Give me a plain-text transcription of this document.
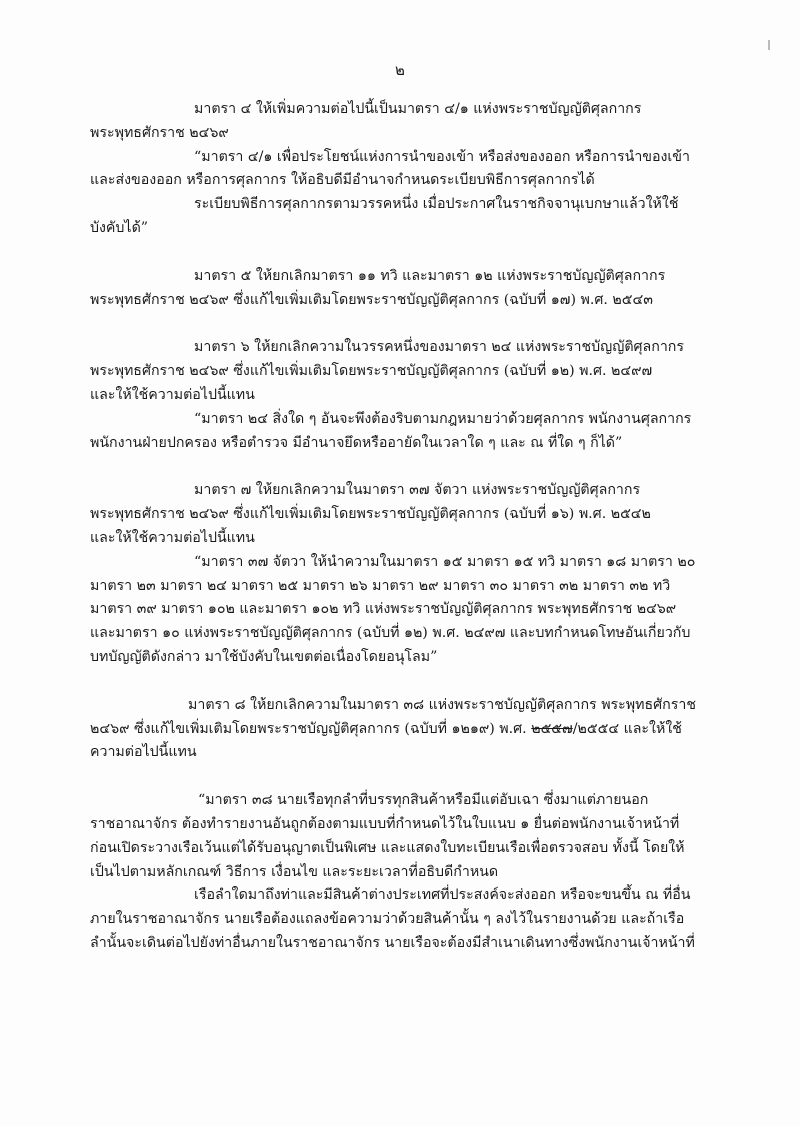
๒
มาตรา ๔ ให้เพิ่มความต่อไปนี้เป็นมาตรา ๔/๑ แห่งพระราชบัญญัติศุลกากร
พระพุทธศักราช ๒๔๖๙
“มาตรา ๔/๑ เพื่อประโยชน์แห่งการนำของเข้า หรือส่งของออก หรือการนำของเข้า
และส่งของออก หรือการศุลกากร ให้อธิบดีมีอำนาจกำหนดระเบียบพิธีการศุลกากรได้
ระเบียบพิธีการศุลกากรตามวรรคหนึ่ง เมื่อประกาศในราชกิจจานุเบกษาแล้วให้ใช้
บังคับได้”
มาตรา ๕ ให้ยกเลิกมาตรา ๑๑ ทวิ และมาตรา ๑๒ แห่งพระราชบัญญัติศุลกากร
พระพุทธศักราช ๒๔๖๙ ซึ่งแก้ไขเพิ่มเติมโดยพระราชบัญญัติศุลกากร (ฉบับที่ ๑๗) พ.ศ. ๒๕๔๓
มาตรา ๖ ให้ยกเลิกความในวรรคหนึ่งของมาตรา ๒๔ แห่งพระราชบัญญัติศุลกากร
พระพุทธศักราช ๒๔๖๙ ซึ่งแก้ไขเพิ่มเติมโดยพระราชบัญญัติศุลกากร (ฉบับที่ ๑๒) พ.ศ. ๒๔๙๗
และให้ใช้ความต่อไปนี้แทน
“มาตรา ๒๔ สิ่งใด ๆ อันจะพึงต้องริบตามกฎหมายว่าด้วยศุลกากร พนักงานศุลกากร
พนักงานฝ่ายปกครอง หรือตำรวจ มีอำนาจยึดหรืออายัดในเวลาใด ๆ และ ณ ที่ใด ๆ ก็ได้”
มาตรา ๗ ให้ยกเลิกความในมาตรา ๓๗ จัตวา แห่งพระราชบัญญัติศุลกากร
พระพุทธศักราช ๒๔๖๙ ซึ่งแก้ไขเพิ่มเติมโดยพระราชบัญญัติศุลกากร (ฉบับที่ ๑๖) พ.ศ. ๒๕๔๒
และให้ใช้ความต่อไปนี้แทน
“มาตรา ๓๗ จัตวา ให้นำความในมาตรา ๑๕ มาตรา ๑๕ ทวิ มาตรา ๑๘ มาตรา ๒๐
มาตรา ๒๓ มาตรา ๒๔ มาตรา ๒๕ มาตรา ๒๖ มาตรา ๒๙ มาตรา ๓๐ มาตรา ๓๒ มาตรา ๓๒ ทวิ
มาตรา ๓๙ มาตรา ๑๐๒ และมาตรา ๑๐๒ ทวิ แห่งพระราชบัญญัติศุลกากร พระพุทธศักราช ๒๔๖๙
และมาตรา ๑๐ แห่งพระราชบัญญัติศุลกากร (ฉบับที่ ๑๒) พ.ศ. ๒๔๙๗ และบทกำหนดโทษอันเกี่ยวกับ
บทบัญญัติดังกล่าว มาใช้บังคับในเขตต่อเนื่องโดยอนุโลม”
มาตรา ๘ ให้ยกเลิกความในมาตรา ๓๘ แห่งพระราชบัญญัติศุลกากร พระพุทธศักราช
๒๔๖๙ ซึ่งแก้ไขเพิ่มเติมโดยพระราชบัญญัติศุลกากร (ฉบับที่ ๑๒๑๙) พ.ศ. ๒๕๕๗/๒๕๕๔ และให้ใช้
ความต่อไปนี้แทน
“มาตรา ๓๘ นายเรือทุกลำที่บรรทุกสินค้าหรือมีแต่อับเฉา ซึ่งมาแต่ภายนอก
ราชอาณาจักร ต้องทำรายงานอันถูกต้องตามแบบที่กำหนดไว้ในใบแนบ ๑ ยื่นต่อพนักงานเจ้าหน้าที่
ก่อนเปิดระวางเรือเว้นแต่ได้รับอนุญาตเป็นพิเศษ และแสดงใบทะเบียนเรือเพื่อตรวจสอบ ทั้งนี้ โดยให้
เป็นไปตามหลักเกณฑ์ วิธีการ เงื่อนไข และระยะเวลาที่อธิบดีกำหนด
เรือลำใดมาถึงท่าและมีสินค้าต่างประเทศที่ประสงค์จะส่งออก หรือจะขนขึ้น ณ ที่อื่น
ภายในราชอาณาจักร นายเรือต้องแถลงข้อความว่าด้วยสินค้านั้น ๆ ลงไว้ในรายงานด้วย และถ้าเรือ
ลำนั้นจะเดินต่อไปยังท่าอื่นภายในราชอาณาจักร นายเรือจะต้องมีสำเนาเดินทางซึ่งพนักงานเจ้าหน้าที่
